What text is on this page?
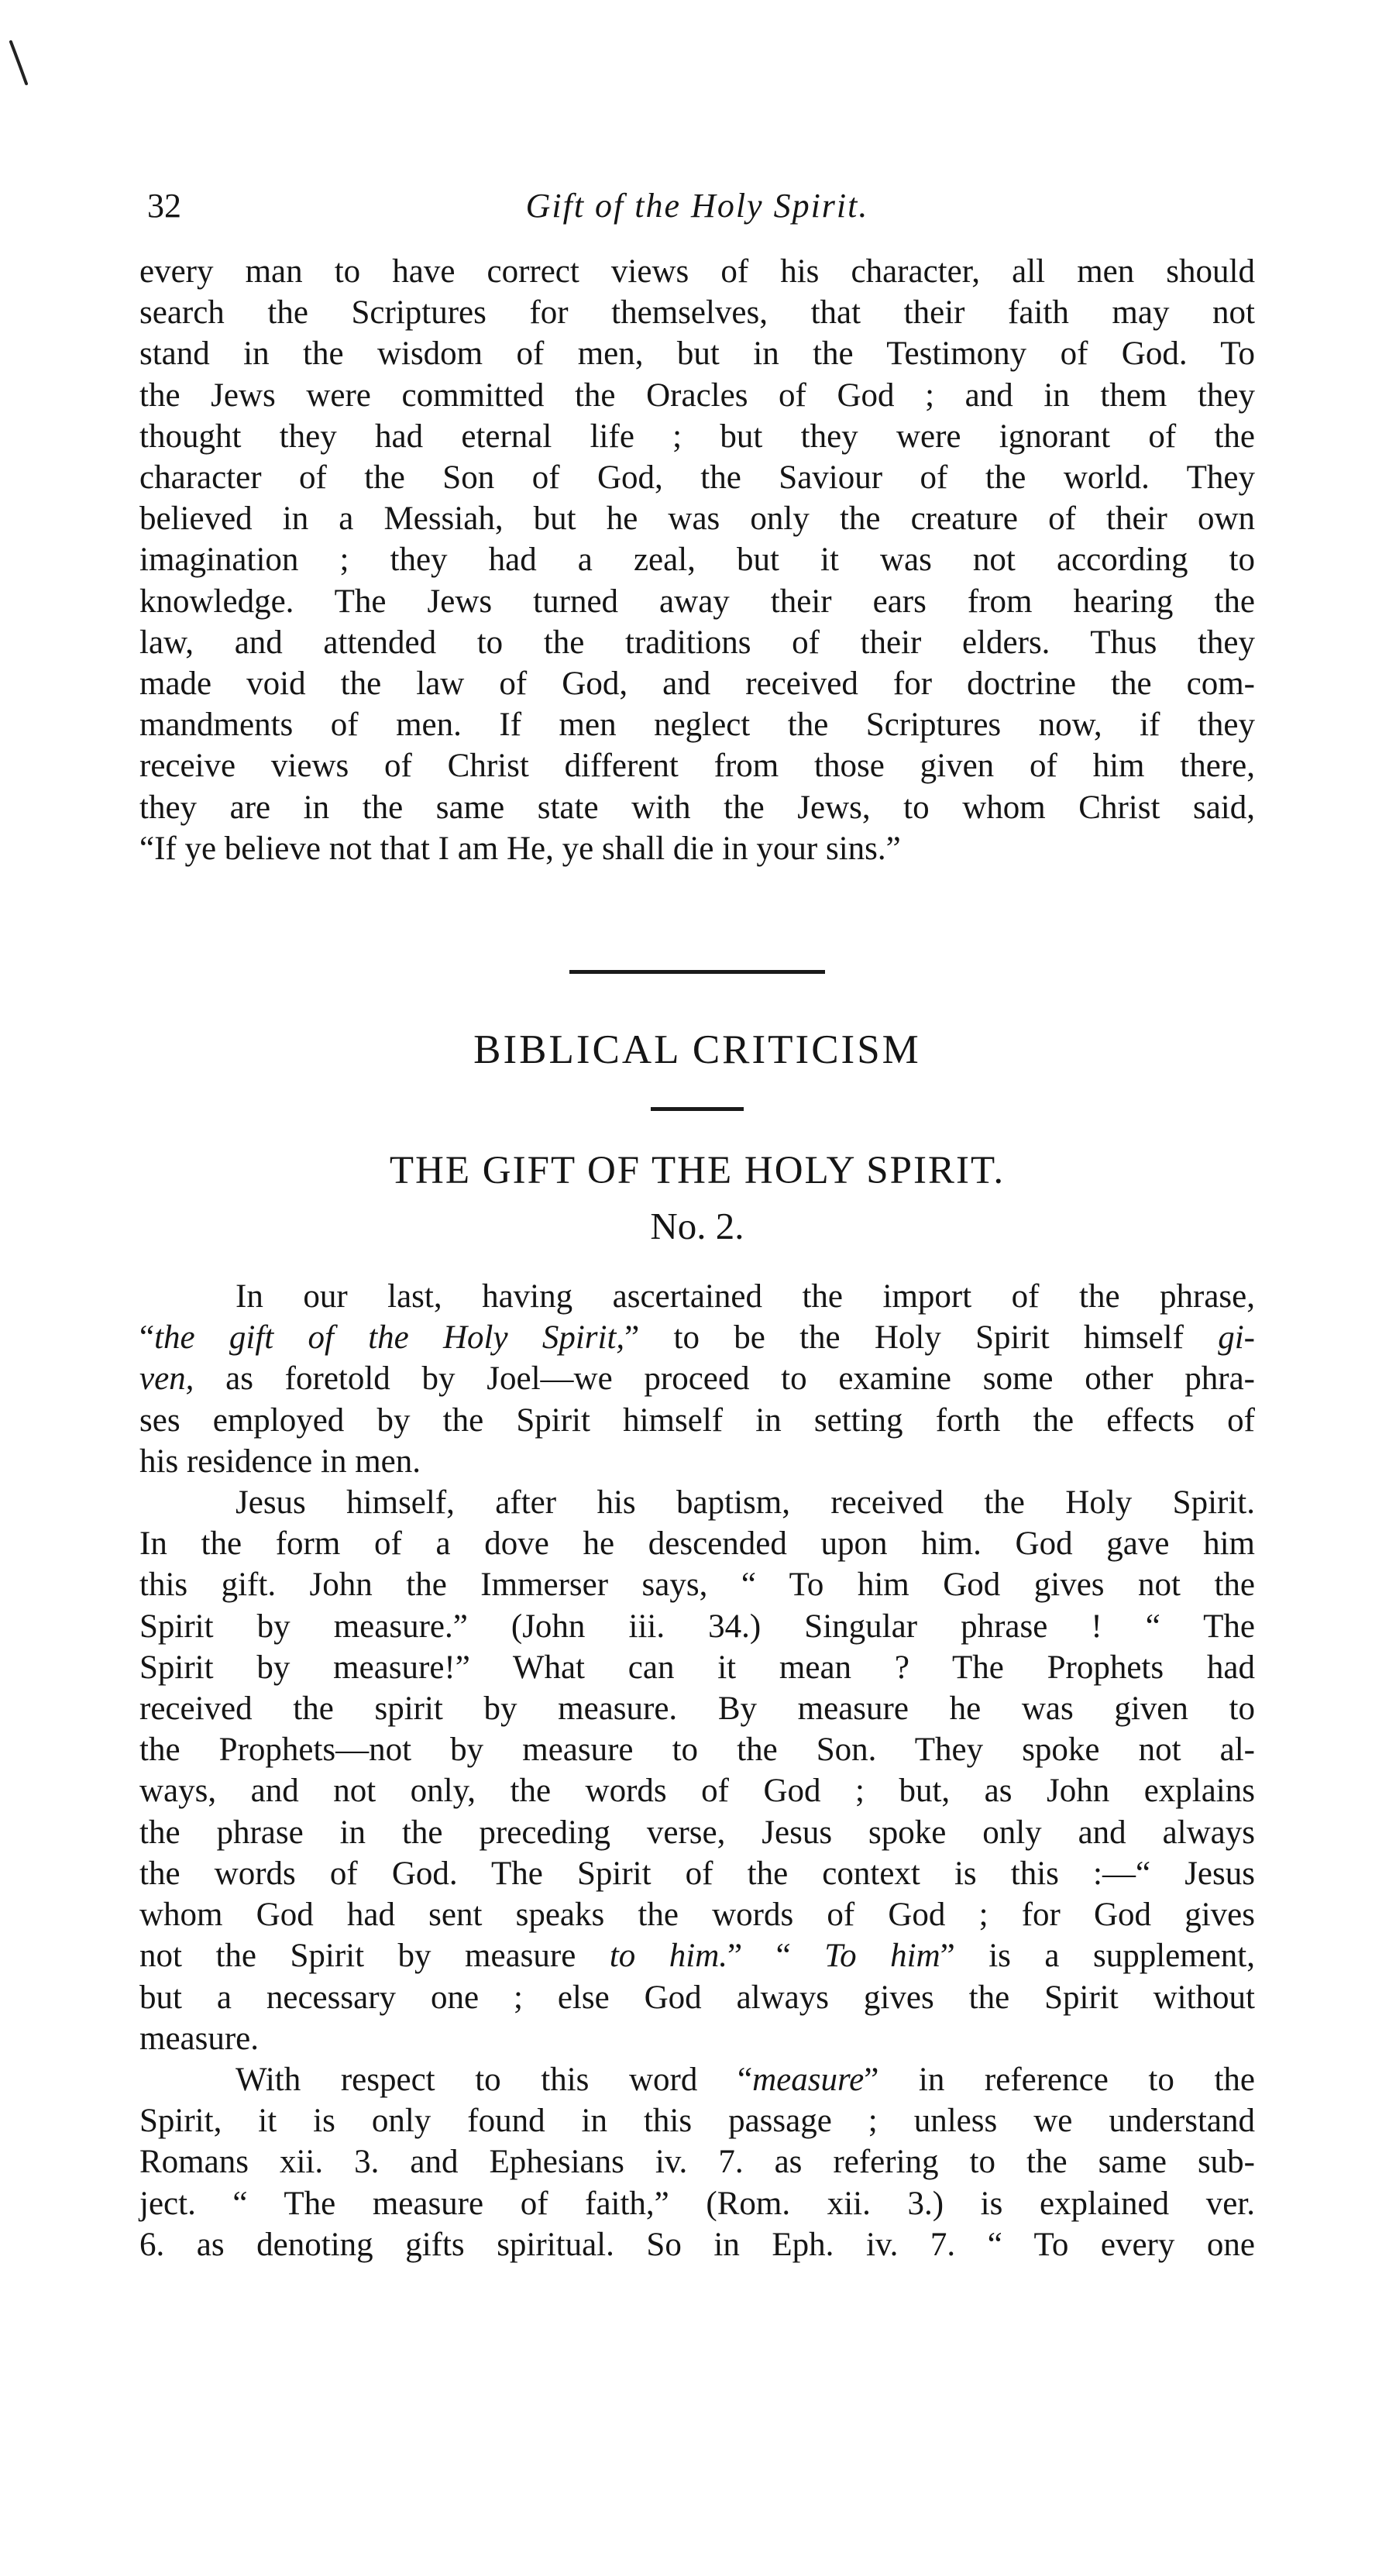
32	Gift of the Holy Spirit.
every man to have correct views of his character, all men should
search the Scriptures for themselves, that their faith may not
stand in the wisdom of men, but in the Testimony of God. To
the Jews were committed the Oracles of God ; and in them they
thought they had eternal life ; but they were ignorant of the
character of the Son of God, the Saviour of the world. They
believed in a Messiah, but he was only the creature of their own
imagination ; they had a zeal, but it was not according to
knowledge. The Jews turned away their ears from hearing the
law, and attended to the traditions of their elders. Thus they
made void the law of God, and received for doctrine the com-
mandments of men. If men neglect the Scriptures now, if they
receive views of Christ different from those given of him there,
they are in the same state with the Jews, to whom Christ said,
“If ye believe not that I am He, ye shall die in your sins.”
BIBLICAL CRITICISM
THE GIFT OF THE HOLY SPIRIT.
No. 2.
In our last, having ascertained the import of the phrase,
“the gift of the Holy Spirit,” to be the Holy Spirit himself gi-
ven, as foretold by Joel—we proceed to examine some other phra-
ses employed by the Spirit himself in setting forth the effects of
his residence in men.
Jesus himself, after his baptism, received the Holy Spirit.
In the form of a dove he descended upon him. God gave him
this gift. John the Immerser says, “ To him God gives not the
Spirit by measure.” (John iii. 34.) Singular phrase ! “ The
Spirit by measure!” What can it mean ? The Prophets had
received the spirit by measure. By measure he was given to
the Prophets—not by measure to the Son. They spoke not al-
ways, and not only, the words of God ; but, as John explains
the phrase in the preceding verse, Jesus spoke only and always
the words of God. The Spirit of the context is this :—“ Jesus
whom God had sent speaks the words of God ; for God gives
not the Spirit by measure to him.” “ To him” is a supplement,
but a necessary one ; else God always gives the Spirit without
measure.
With respect to this word “measure” in reference to the
Spirit, it is only found in this passage ; unless we understand
Romans xii. 3. and Ephesians iv. 7. as refering to the same sub-
ject. “ The measure of faith,” (Rom. xii. 3.) is explained ver.
6. as denoting gifts spiritual. So in Eph. iv. 7. “ To every one
